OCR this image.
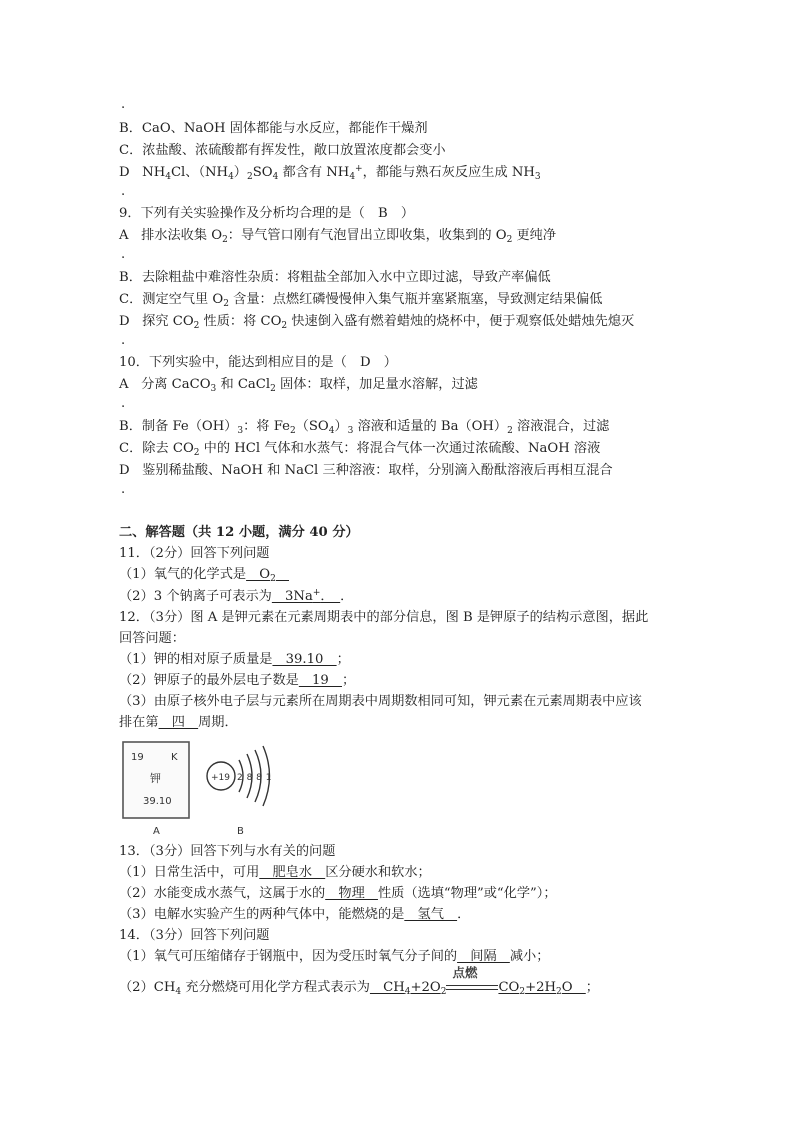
.
B．CaO、NaOH 固体都能与水反应，都能作干燥剂
C．浓盐酸、浓硫酸都有挥发性，敞口放置浓度都会变小
D $NH_4Cl$、$(NH_4)_2SO_4$ 都含有 $NH_4^+$，都能与熟石灰反应生成 $NH_3$
.
9．下列有关实验操作及分析均合理的是（　B　）
A 排水法收集 $O_2$：导气管口刚有气泡冒出立即收集，收集到的 $O_2$ 更纯净
.
B．去除粗盐中难溶性杂质：将粗盐全部加入水中立即过滤，导致产率偏低
C．测定空气里 $O_2$ 含量：点燃红磷慢慢伸入集气瓶并塞紧瓶塞，导致测定结果偏低
D 探究 $CO_2$ 性质：将 $CO_2$ 快速倒入盛有燃着蜡烛的烧杯中，便于观察低处蜡烛先熄灭
.
10．下列实验中，能达到相应目的是（　D　）
A 分离 CaCO$_3$ 和 CaCl$_2$ 固体：取样，加足量水溶解，过滤
.
B．制备 $Fe(OH)_3$：将 $Fe_2(SO_4)_3$ 溶液和适量的 $Ba(OH)_2$ 溶液混合，过滤
C．除去 $CO_2$ 中的 HCl 气体和水蒸气：将混合气体一次通过浓硫酸、NaOH 溶液
D 鉴别稀盐酸、NaOH 和 NaCl 三种溶液：取样，分别滴入酚酞溶液后再相互混合
.
二、解答题（共 12 小题，满分 40 分）
11．（2分）回答下列问题
（1）氧气的化学式是　$O_2$　
（2）3 个钠离子可表示为　3Na+．　．
12．（3分）图 A 是钾元素在元素周期表中的部分信息，图 B 是钾原子的结构示意图，据此
回答问题：
（1）钾的相对原子质量是　39.10　；
（2）钾原子的最外层电子数是　19　；
（3）由原子核外电子层与元素所在周期表中周期数相同可知，钾元素在元素周期表中应该
排在第　四　周期．
19	K
钾
39.10
A
+19 2 8 8 1
B
13．（3分）回答下列与水有关的问题
（1）日常生活中，可用　肥皂水　区分硬水和软水；
（2）水能变成水蒸气，这属于水的　物理　性质（选填“物理”或“化学”）；
（3）电解水实验产生的两种气体中，能燃烧的是　氢气　．
14．（3分）回答下列问题
（1）氧气可压缩储存于钢瓶中，因为受压时氧气分子间的　间隔　减小；
$(2)CH_4$ 充分燃烧可用化学方程式表示为　$CH_4+2O_2$
点燃
$CO_2+2H_2O$　；
